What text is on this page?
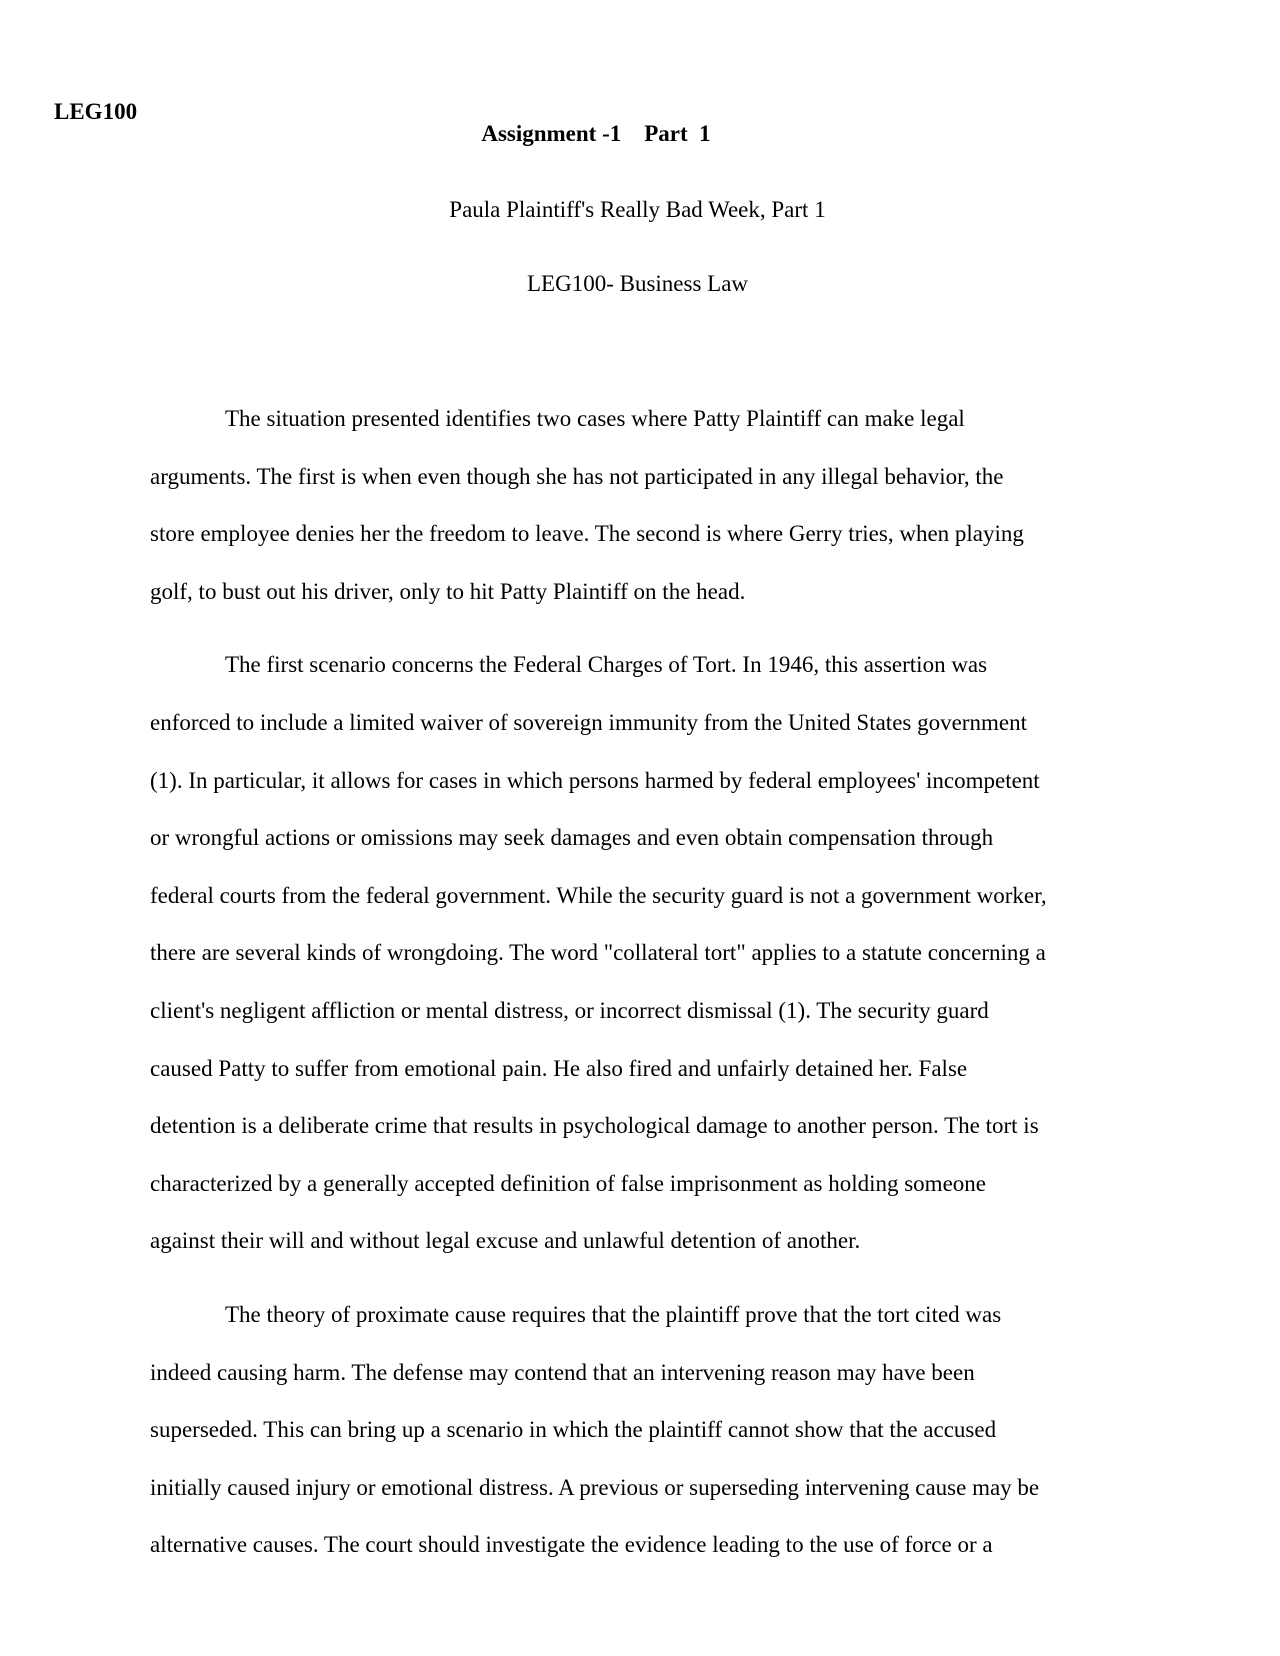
LEG100
Assignment -1    Part  1
Paula Plaintiff's Really Bad Week, Part 1
LEG100- Business Law
The situation presented identifies two cases where Patty Plaintiff can make legal
arguments. The first is when even though she has not participated in any illegal behavior, the
store employee denies her the freedom to leave. The second is where Gerry tries, when playing
golf, to bust out his driver, only to hit Patty Plaintiff on the head.
The first scenario concerns the Federal Charges of Tort. In 1946, this assertion was
enforced to include a limited waiver of sovereign immunity from the United States government
(1). In particular, it allows for cases in which persons harmed by federal employees' incompetent
or wrongful actions or omissions may seek damages and even obtain compensation through
federal courts from the federal government. While the security guard is not a government worker,
there are several kinds of wrongdoing. The word "collateral tort" applies to a statute concerning a
client's negligent affliction or mental distress, or incorrect dismissal (1). The security guard
caused Patty to suffer from emotional pain. He also fired and unfairly detained her. False
detention is a deliberate crime that results in psychological damage to another person. The tort is
characterized by a generally accepted definition of false imprisonment as holding someone
against their will and without legal excuse and unlawful detention of another.
The theory of proximate cause requires that the plaintiff prove that the tort cited was
indeed causing harm. The defense may contend that an intervening reason may have been
superseded. This can bring up a scenario in which the plaintiff cannot show that the accused
initially caused injury or emotional distress. A previous or superseding intervening cause may be
alternative causes. The court should investigate the evidence leading to the use of force or a
